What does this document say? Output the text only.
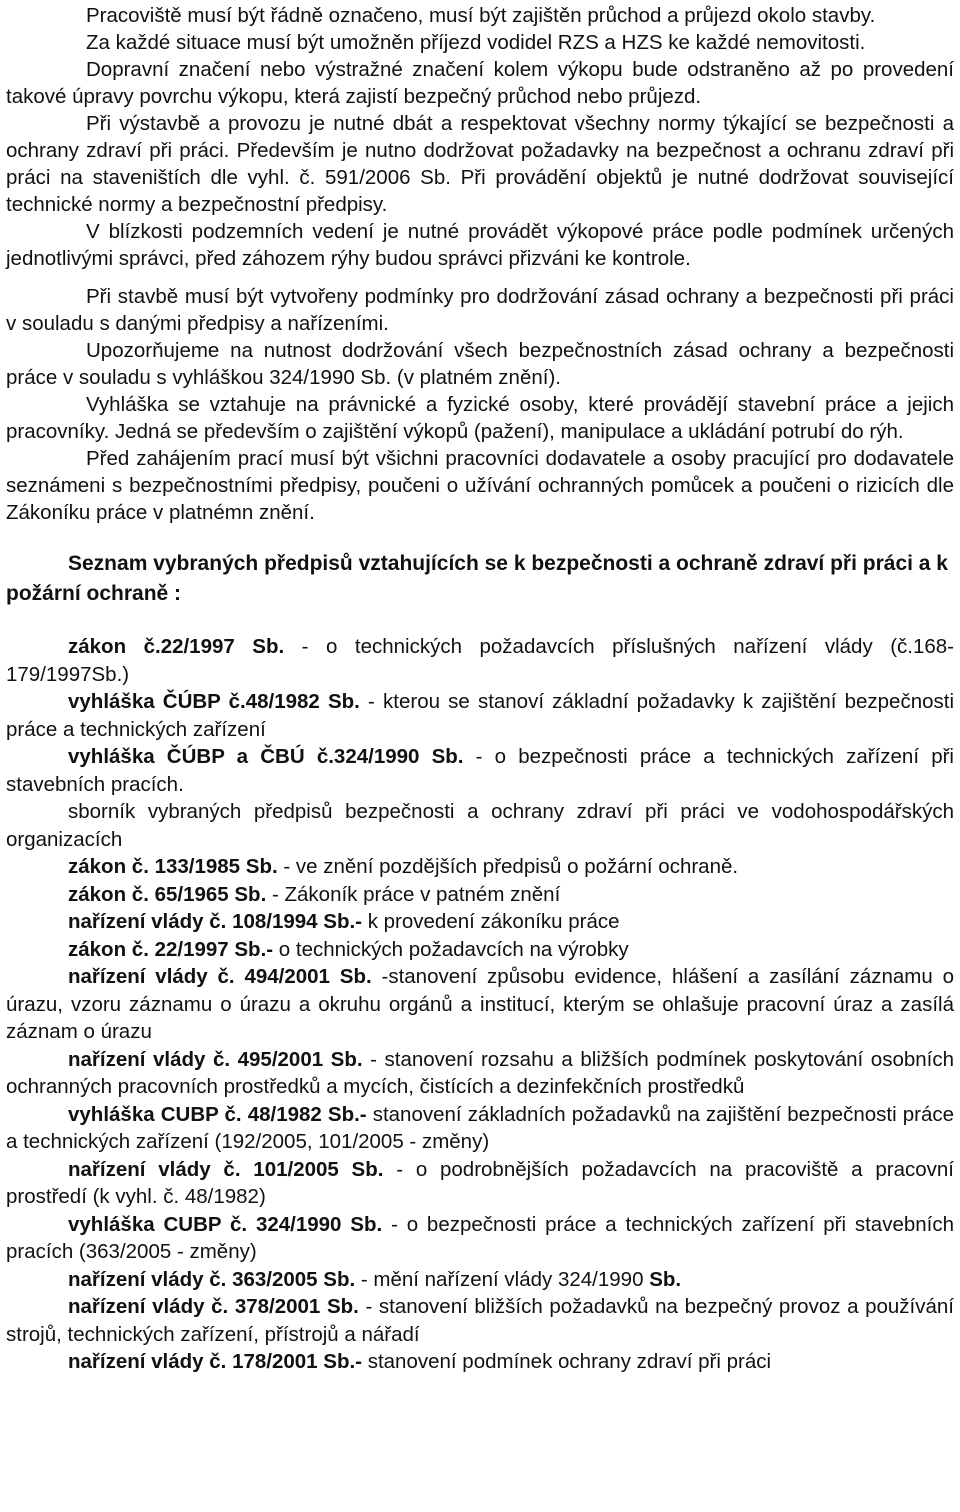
Pracoviště musí být řádně označeno, musí být zajištěn průchod a průjezd okolo stavby.
Za každé situace musí být umožněn příjezd vodidel RZS a HZS ke každé nemovitosti.
Dopravní značení nebo výstražné značení kolem výkopu bude odstraněno až po provedení takové úpravy povrchu výkopu, která zajistí bezpečný průchod nebo průjezd.
Při výstavbě a provozu je nutné dbát a respektovat všechny normy týkající se bezpečnosti a ochrany zdraví při práci. Především je nutno dodržovat požadavky na bezpečnost a ochranu zdraví při práci na staveništích dle vyhl. č. 591/2006 Sb. Při provádění objektů je nutné dodržovat související technické normy a bezpečnostní předpisy.
V blízkosti podzemních vedení je nutné provádět výkopové práce podle podmínek určených jednotlivými správci, před záhozem rýhy budou správci přizváni ke kontrole.
Při stavbě musí být vytvořeny podmínky pro dodržování zásad ochrany a bezpečnosti při práci v souladu s danými předpisy a nařízeními.
Upozorňujeme na nutnost dodržování všech bezpečnostních zásad ochrany a bezpečnosti práce v souladu s vyhláškou 324/1990 Sb. (v platném znění).
Vyhláška se vztahuje na právnické a fyzické osoby, které provádějí stavební práce a jejich pracovníky. Jedná se především o zajištění výkopů (pažení), manipulace a ukládání potrubí do rýh.
Před zahájením prací musí být všichni pracovníci dodavatele a osoby pracující pro dodavatele seznámeni s bezpečnostními předpisy, poučeni o užívání ochranných pomůcek a poučeni o rizicích dle Zákoníku práce v platnémn znění.
Seznam vybraných předpisů vztahujících se k bezpečnosti a ochraně zdraví při práci a k požární ochraně :
zákon č.22/1997 Sb. - o technických požadavcích příslušných nařízení vlády (č.168-179/1997Sb.)
vyhláška ČÚBP č.48/1982 Sb. - kterou se stanoví základní požadavky k zajištění bezpečnosti práce a technických zařízení
vyhláška ČÚBP a ČBÚ č.324/1990 Sb. - o bezpečnosti práce a technických zařízení při stavebních pracích.
sborník vybraných předpisů bezpečnosti a ochrany zdraví při práci ve vodohospodářských organizacích
zákon č. 133/1985 Sb. - ve znění pozdějších předpisů o požární ochraně.
zákon č. 65/1965 Sb. - Zákoník práce v patném znění
nařízení vlády č. 108/1994 Sb.- k provedení zákoníku práce
zákon č. 22/1997 Sb.- o technických požadavcích na výrobky
nařízení vlády č. 494/2001 Sb. -stanovení způsobu evidence, hlášení a zasílání záznamu o úrazu, vzoru záznamu o úrazu a okruhu orgánů a institucí, kterým se ohlašuje pracovní úraz a zasílá záznam o úrazu
nařízení vlády č. 495/2001 Sb. - stanovení rozsahu a bližších podmínek poskytování osobních ochranných pracovních prostředků a mycích, čistících a dezinfekčních prostředků
vyhláška CUBP č. 48/1982 Sb.- stanovení základních požadavků na zajištění bezpečnosti práce a technických zařízení (192/2005, 101/2005 - změny)
nařízení vlády č. 101/2005 Sb. - o podrobnějších požadavcích na pracoviště a pracovní prostředí (k vyhl. č. 48/1982)
vyhláška CUBP č. 324/1990 Sb. - o bezpečnosti práce a technických zařízení při stavebních pracích (363/2005 - změny)
nařízení vlády č. 363/2005 Sb. - mění nařízení vlády 324/1990 Sb.
nařízení vlády č. 378/2001 Sb. - stanovení bližších požadavků na bezpečný provoz a používání strojů, technických zařízení, přístrojů a nářadí
nařízení vlády č. 178/2001 Sb.- stanovení podmínek ochrany zdraví při práci
